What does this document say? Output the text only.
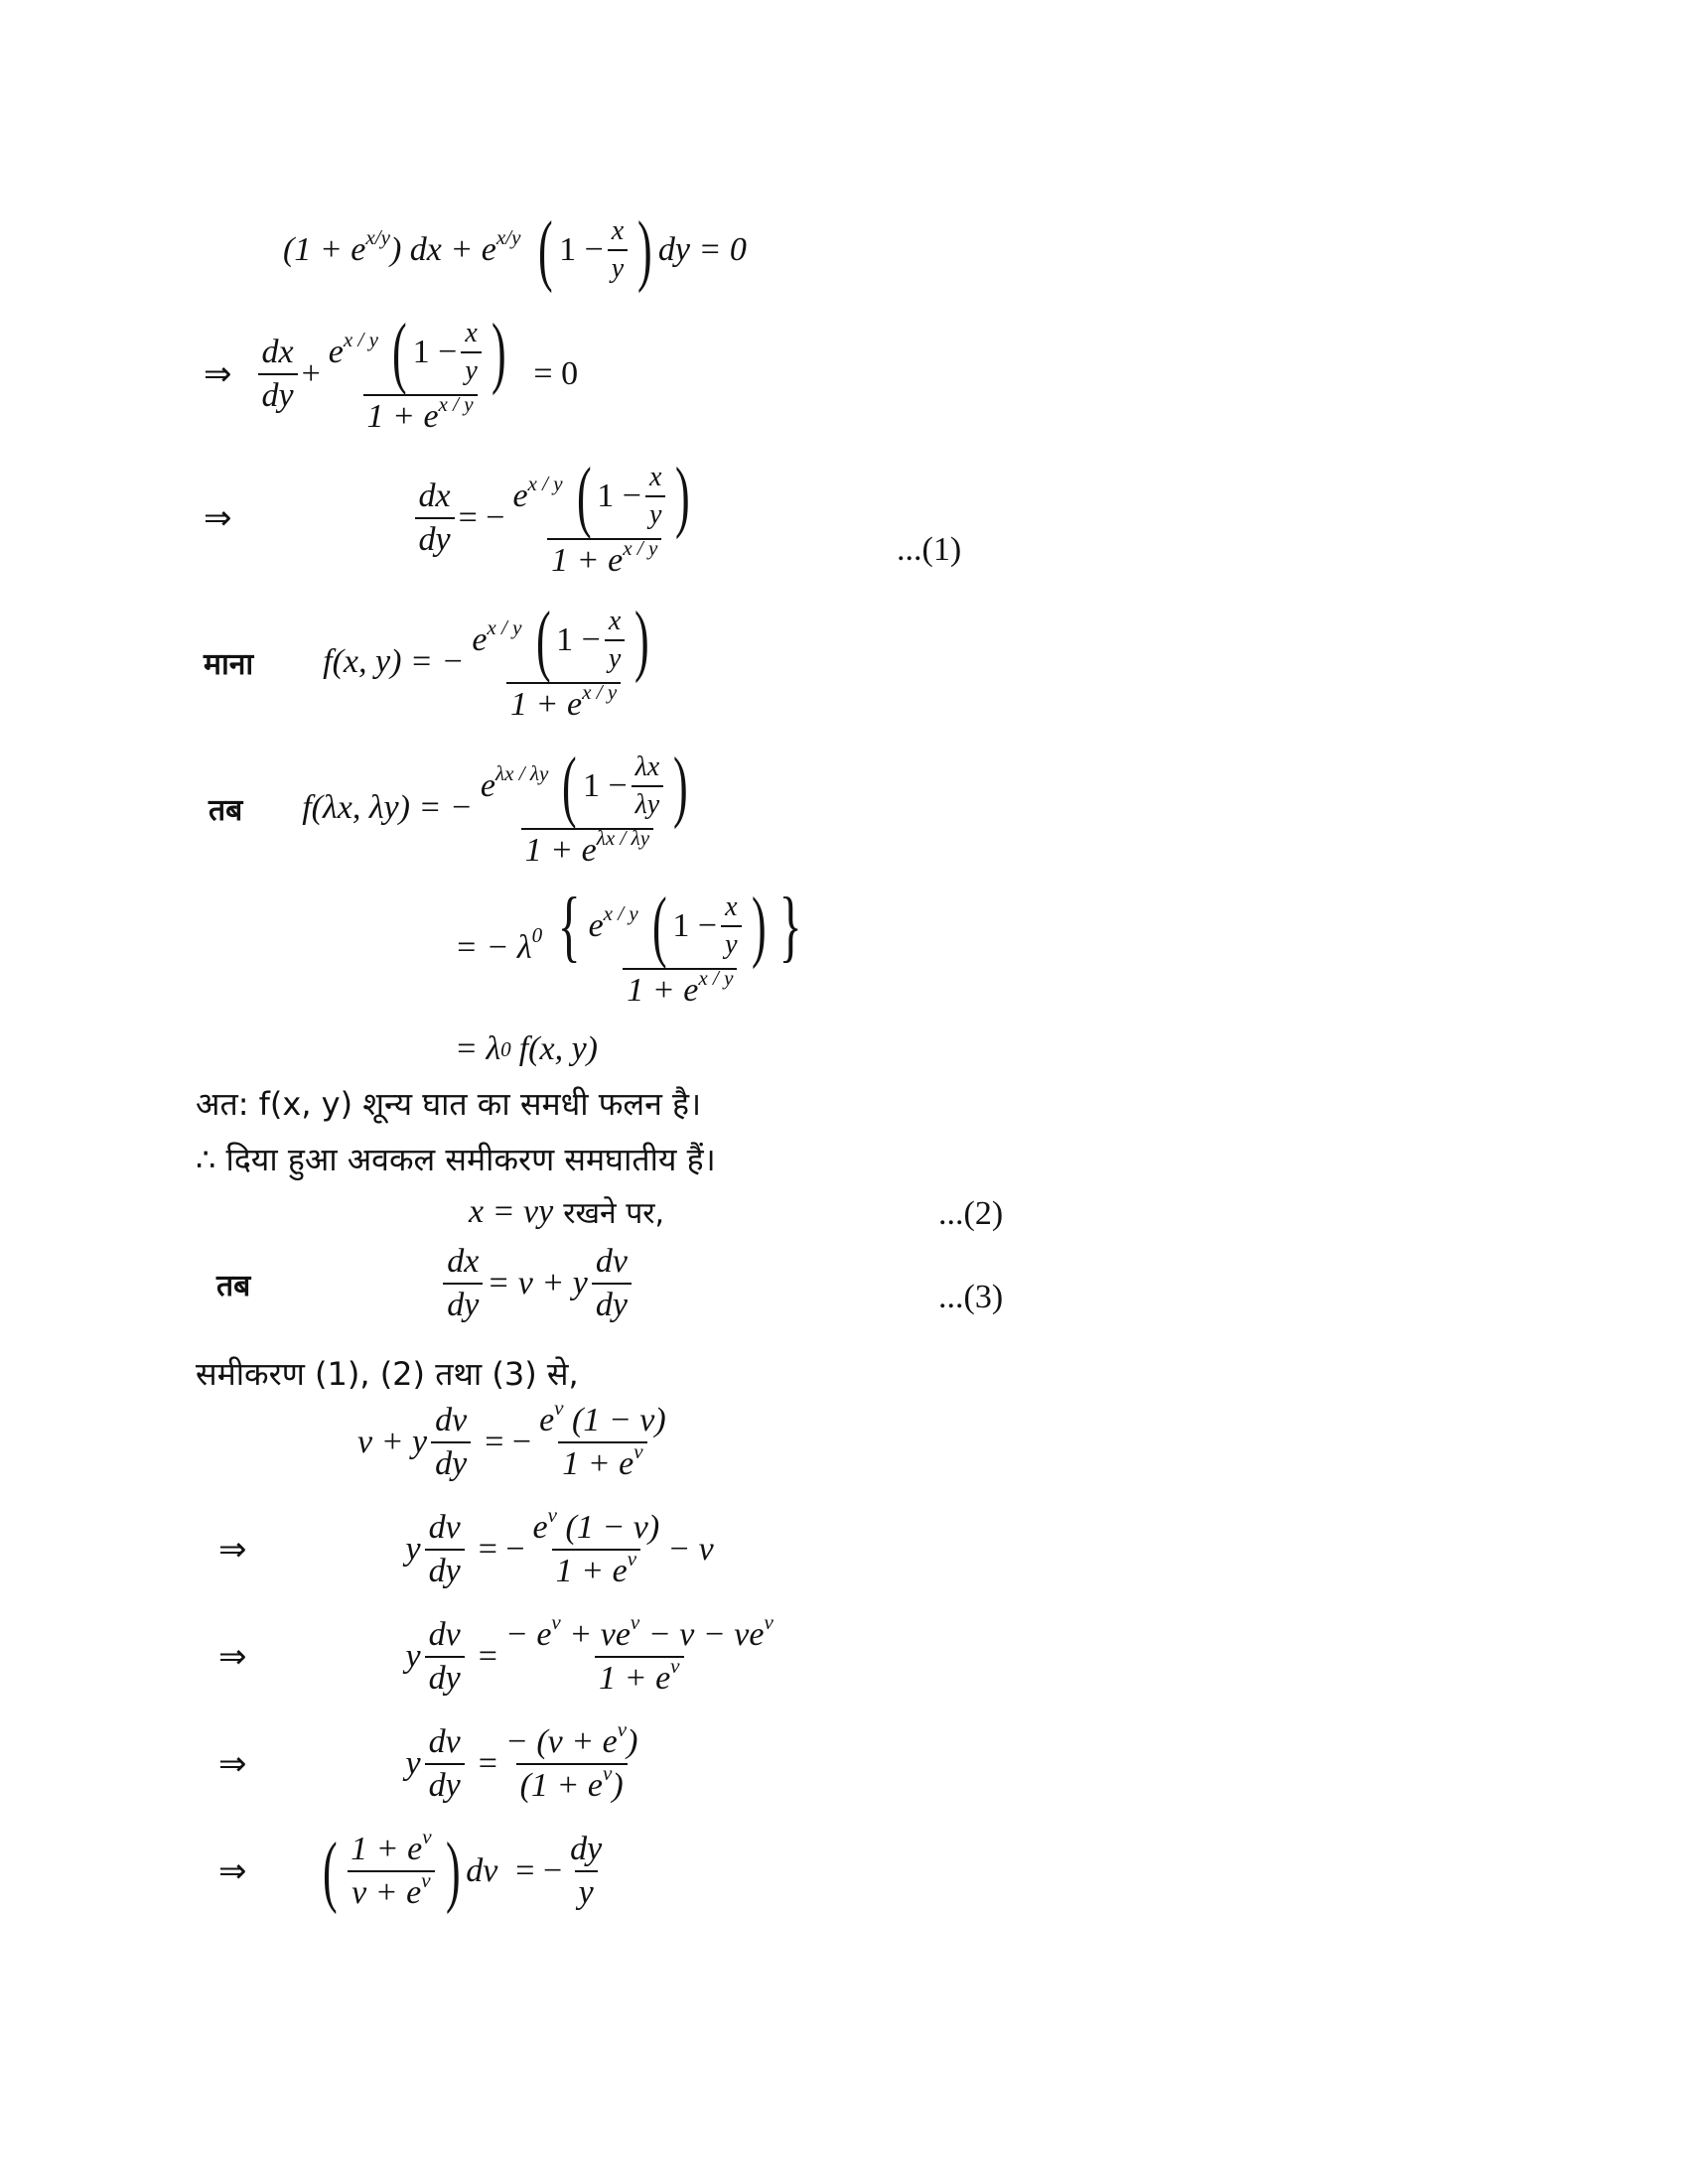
$(1 + e^{x/y})$ dx + $e^{x/y}$ ( $1 - \frac{x}{y}$ ) dy = 0
⇒ $\frac{dx}{dy} + \frac{e^{x / y} ( 1 - \frac{x}{y} )}{1 + e^{x / y}} = 0$
⇒	$\frac{dx}{dy}$ = − $\frac{e^{x / y} ( 1 - \frac{x}{y} )}{1 + e^{x / y}}$	...(1)
माना f(x, y) = − $\frac{e^{x / y} ( 1 - \frac{x}{y} )}{1 + e^{x / y}}$
तब f(λx, λy) = − $\frac{e^{\lambda x / \lambda y} ( 1 - \frac{\lambda x}{\lambda y} )}{1 + e^{\lambda x / \lambda y}}$
= − $\lambda^0 \frac{\{ e^{x / y} ( 1 - \frac{x}{y} ) \}}{1 + e^{x / y}}$
= λ 0 f(x, y)
अत: f(x, y) शून्य घात का समधी फलन है।
∴ दिया हुआ अवकल समीकरण समघातीय हैं।
x = vy रखने पर,	...(2)
तब	$\frac{dx}{dy} = v + y \frac{dv}{dy}$	...(3)
समीकरण (1), (2) तथा (3) से,
v + y $\frac{dv}{dy}$ = − $\frac{e^v (1 - v)}{1 + e^v}$
⇒	y $\frac{dv}{dy}$ = − $\frac{e^v (1 - v)}{1 + e^v} - v$
⇒	y $\frac{dv}{dy} = \frac{- e^v + ve^v - v - ve^v}{1 + e^v}$
⇒	y $\frac{dv}{dy} = \frac{- (v + e^v)}{(1 + e^v)}$
⇒ ( $\frac{1 + e^v}{v + e^v}$ ) dv = − $\frac{dy}{y}$
